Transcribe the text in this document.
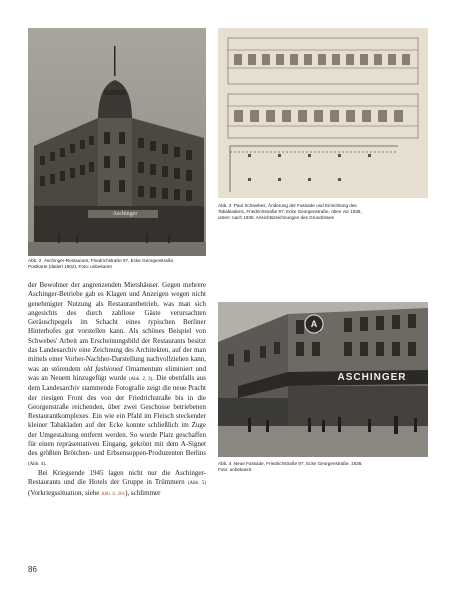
Aschinger
Abb. 2 Aschinger-Restaurant, Friedrichstraße 97, Ecke Georgenstraße,
Postkarte (datiert 1902). Foto: unbekannt
Abb. 3 Paul Schwebes, Änderung der Fassade und Einrichtung des
Tabakladens, Friedrichstraße 97, Ecke Georgenstraße, oben vor 1936,
unten: nach 1936, Ansichtszeichnungen des Grundrisses
A
ASCHINGER
Abb. 4 Neue Fassade, Friedrichstraße 97, Ecke Georgenstraße, 1936.
Foto: unbekannt

der Bewohner der angrenzenden Mietshäuser. Gegen mehrere Aschinger-Betriebe gab es Klagen und Anzeigen wegen nicht genehmigter Nutzung als Restaurantbetrieb, was man sich angesichts des durch zahllose Gäste verursachten Geräuschpegels im Schacht eines typischen Berliner Hinterhofes gut vorstellen kann. Als schönes Beispiel von Schwebes' Arbeit am Erscheinungsbild der Restaurants besitzt das Landesarchiv eine Zeichnung des Architekten, auf der man mittels einer Vorher-Nachher-Darstellung nachvollziehen kann, was an störendem old fashioned Ornamentum eliminiert und was an Neuem hinzugefügt wurde (Abb. 2, 3). Die ebenfalls aus dem Landesarchiv stammende Fotografie zeigt die neue Pracht der riesigen Front des von der Friedrichstraße bis in die Georgenstraße reichenden, über zwei Geschosse betriebenen Restaurantkomplexes. Ein wie ein Pfahl im Fleisch steckender kleiner Tabakladen auf der Ecke konnte schließlich im Zuge der Umgestaltung entfernt werden. So wurde Platz geschaffen für einen repräsentativen Eingang, gekrönt mit dem A-Signet des größten Brötchen- und Erbsensuppen-Produzenten Berlins (Abb. 4).

Bei Kriegsende 1945 lagen nicht nur die Aschinger-Restaurants und die Hotels der Gruppe in Trümmern (Abb. 5) (Vorkriegssituation, siehe Abb. S. 201), schlimmer

86
